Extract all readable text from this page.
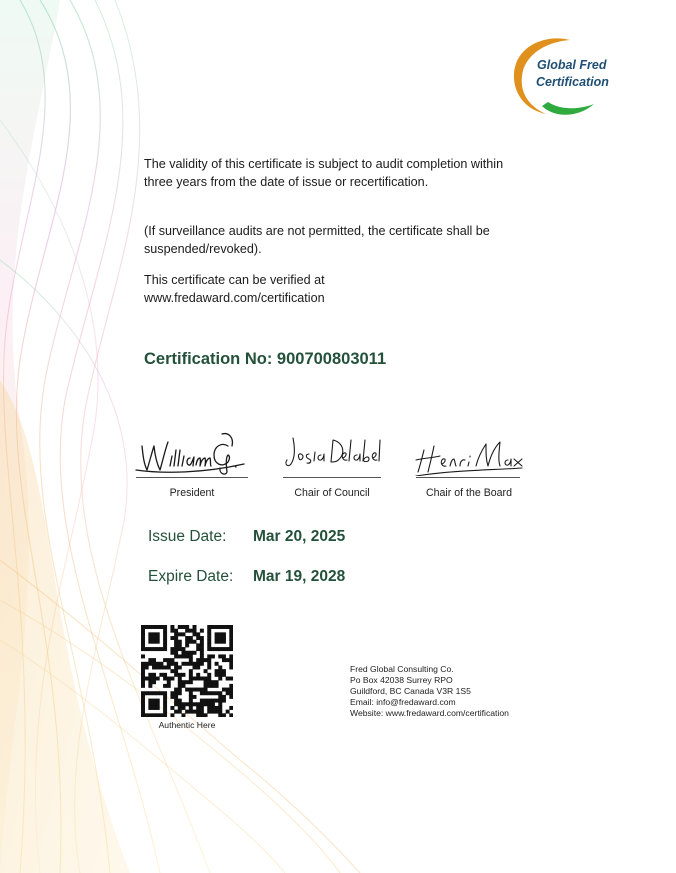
Global Fred
Certification

The validity of this certificate is subject to audit completion within three years from the date of issue or recertification.

(If surveillance audits are not permitted, the certificate shall be suspended/revoked).

This certificate can be verified at
www.fredaward.com/certification
Certification No: 900700803011
President	Chair of Council	Chair of the Board
Issue Date: Mar 20, 2025
Expire Date: Mar 19, 2028
Authentic Here
Fred Global Consulting Co.
Po Box 42038 Surrey RPO
Guildford, BC Canada V3R 1S5
Email: info@fredaward.com
Website: www.fredaward.com/certification
